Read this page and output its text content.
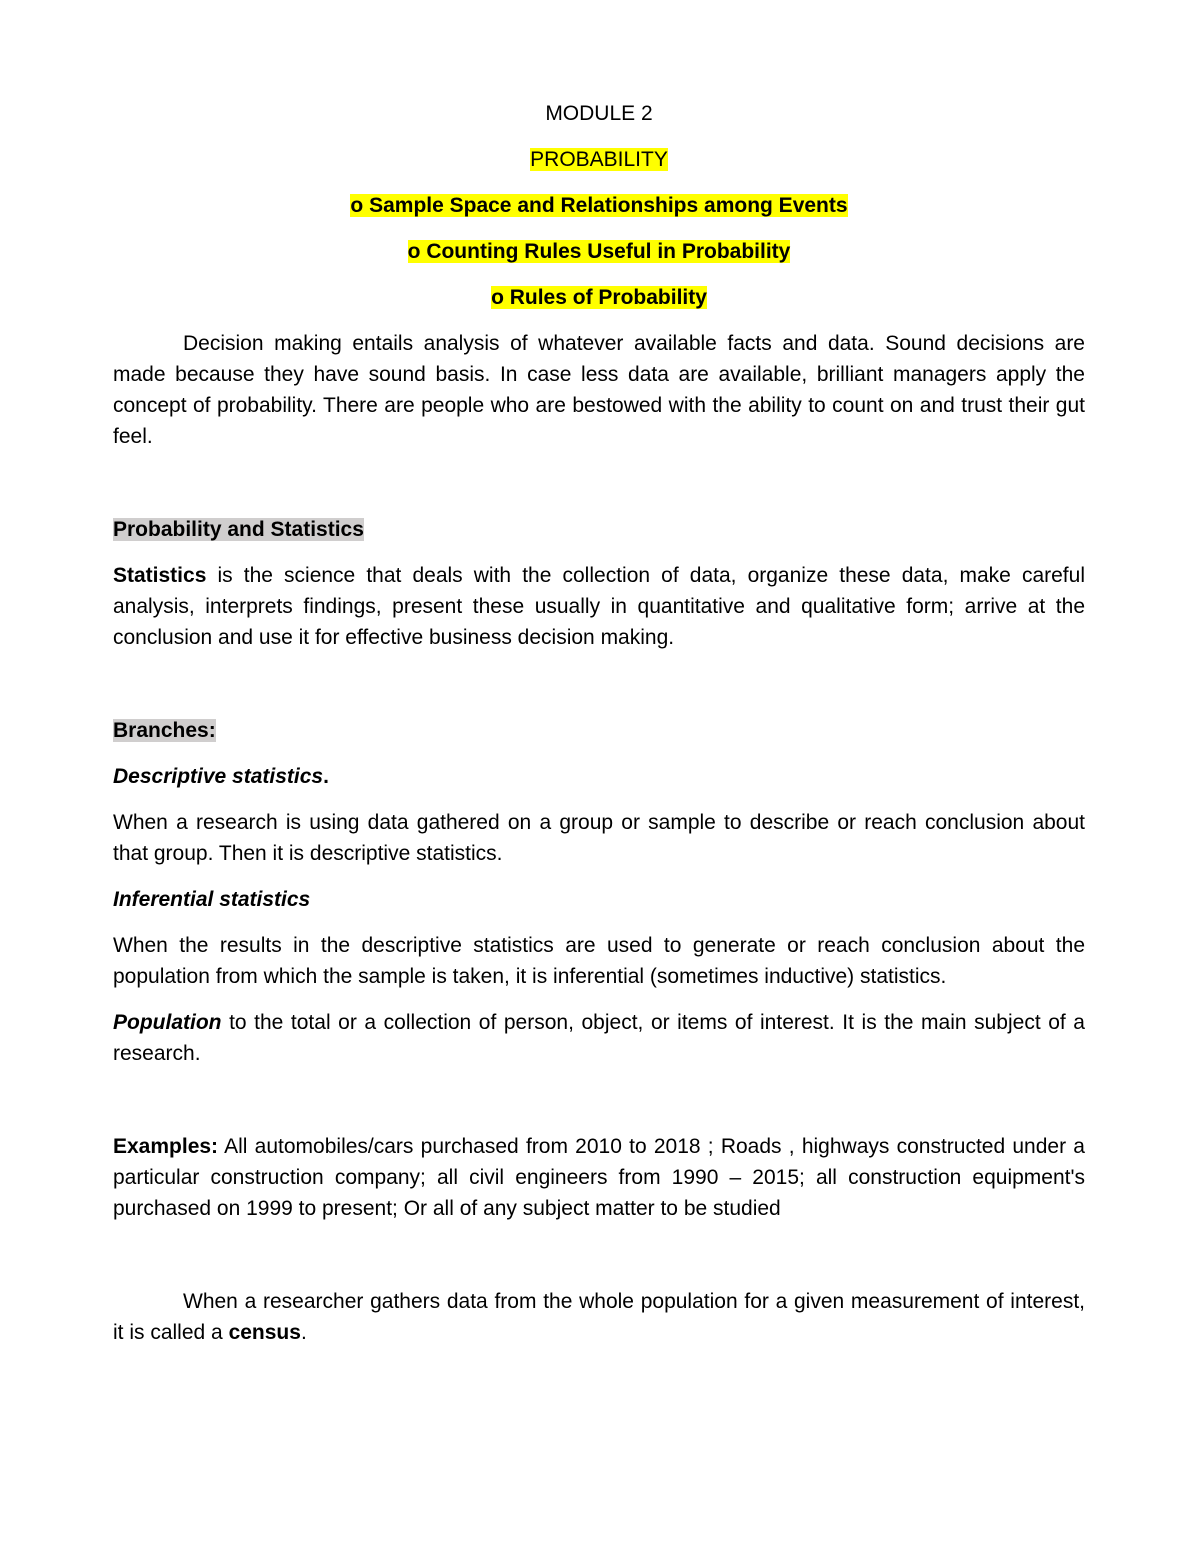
MODULE 2

PROBABILITY

o Sample Space and Relationships among Events

o Counting Rules Useful in Probability

o Rules of Probability

Decision making entails analysis of whatever available facts and data. Sound decisions are made because they have sound basis. In case less data are available, brilliant managers apply the concept of probability. There are people who are bestowed with the ability to count on and trust their gut feel.

Probability and Statistics

Statistics is the science that deals with the collection of data, organize these data, make careful analysis, interprets findings, present these usually in quantitative and qualitative form; arrive at the conclusion and use it for effective business decision making.

Branches:

Descriptive statistics.

When a research is using data gathered on a group or sample to describe or reach conclusion about that group. Then it is descriptive statistics.

Inferential statistics

When the results in the descriptive statistics are used to generate or reach conclusion about the population from which the sample is taken, it is inferential (sometimes inductive) statistics.

Population to the total or a collection of person, object, or items of interest. It is the main subject of a research.

Examples: All automobiles/cars purchased from 2010 to 2018 ; Roads , highways constructed under a particular construction company; all civil engineers from 1990 – 2015; all construction equipment's purchased on 1999 to present; Or all of any subject matter to be studied

When a researcher gathers data from the whole population for a given measurement of interest, it is called a census.
